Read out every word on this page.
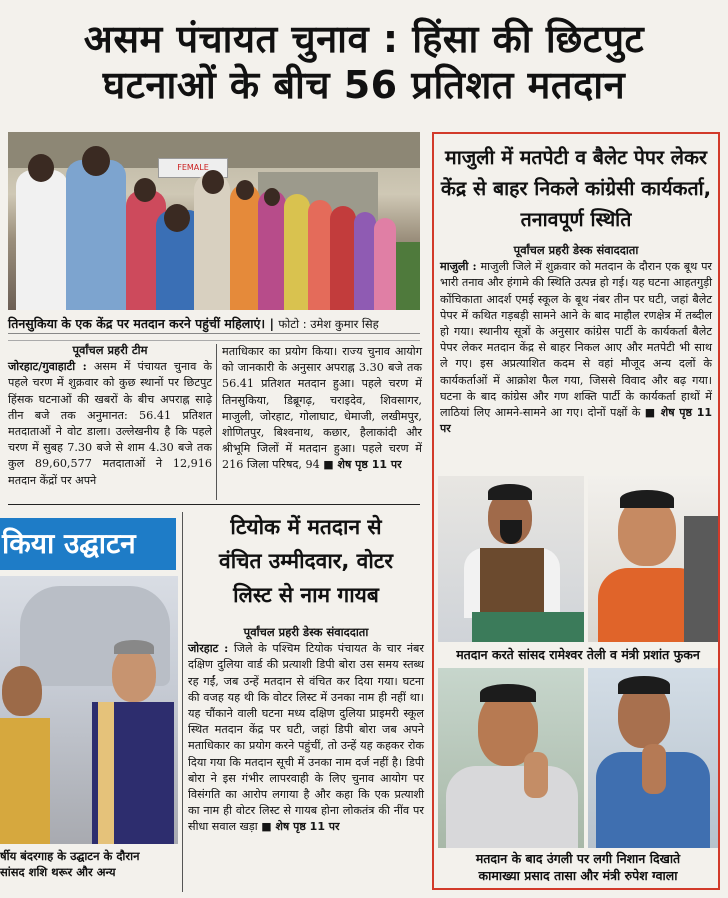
असम पंचायत चुनाव : हिंसा की छिटपुट
घटनाओं के बीच 56 प्रतिशत मतदान
FEMALE
तिनसुकिया के एक केंद्र पर मतदान करने पहुंचीं महिलाएं। | फोटो : उमेश कुमार सिह
पूर्वांचल प्रहरी टीम
जोरहाट/गुवाहाटी : असम में पंचायत चुनाव के पहले चरण में शुक्रवार को कुछ स्थानों पर छिटपुट हिंसक घटनाओं की खबरों के बीच अपराह्न साढ़े तीन बजे तक अनुमानत: 56.41 प्रतिशत मतदाताओं ने वोट डाला। उल्लेखनीय है कि पहले चरण में सुबह 7.30 बजे से शाम 4.30 बजे तक कुल 89,60,577 मतदाताओं ने 12,916 मतदान केंद्रों पर अपने
मताधिकार का प्रयोग किया। राज्य चुनाव आयोग को जानकारी के अनुसार अपराह्न 3.30 बजे तक 56.41 प्रतिशत मतदान हुआ। पहले चरण में तिनसुकिया, डिब्रूगढ़, चराइदेव, शिवसागर, माजुली, जोरहाट, गोलाघाट, धेमाजी, लखीमपुर, शोणितपुर, बिश्वनाथ, कछार, हैलाकांदी और श्रीभूमि जिलों में मतदान हुआ। पहले चरण में 216 जिला परिषद, 94 ■ शेष पृष्ठ 11 पर
माजुली में मतपेटी व बैलेट पेपर लेकर केंद्र से बाहर निकले कांग्रेसी कार्यकर्ता, तनावपूर्ण स्थिति
पूर्वांचल प्रहरी डेस्क संवाददाता
माजुली : माजुली जिले में शुक्रवार को मतदान के दौरान एक बूथ पर भारी तनाव और हंगामे की स्थिति उत्पन्न हो गई। यह घटना आहतगुड़ी कोंचिकाता आदर्श एमई स्कूल के बूथ नंबर तीन पर घटी, जहां बैलेट पेपर में कथित गड़बड़ी सामने आने के बाद माहौल रणक्षेत्र में तब्दील हो गया। स्थानीय सूत्रों के अनुसार कांग्रेस पार्टी के कार्यकर्ता बैलेट पेपर लेकर मतदान केंद्र से बाहर निकल आए और मतपेटी भी साथ ले गए। इस अप्रत्याशित कदम से वहां मौजूद अन्य दलों के कार्यकर्ताओं में आक्रोश फैल गया, जिससे विवाद और बढ़ गया। घटना के बाद कांग्रेस और गण शक्ति पार्टी के कार्यकर्ता हाथों में लाठियां लिए आमने-सामने आ गए। दोनों पक्षों के ■ शेष पृष्ठ 11 पर
मतदान करते सांसद रामेश्वर तेली व मंत्री प्रशांत फुकन
मतदान के बाद उंगली पर लगी निशान दिखाते
कामाख्या प्रसाद तासा और मंत्री रुपेश ग्वाला
किया उद्घाटन
र्षीय बंदरगाह के उद्घाटन के दौरान
सांसद शशि थरूर और अन्य
टियोक में मतदान से
वंचित उम्मीदवार, वोटर
लिस्ट से नाम गायब
पूर्वांचल प्रहरी डेस्क संवाददाता
जोरहाट : जिले के पश्चिम टियोक पंचायत के चार नंबर दक्षिण दुलिया वार्ड की प्रत्याशी डिपी बोरा उस समय स्तब्ध रह गईं, जब उन्हें मतदान से वंचित कर दिया गया। घटना की वजह यह थी कि वोटर लिस्ट में उनका नाम ही नहीं था। यह चौंकाने वाली घटना मध्य दक्षिण दुलिया प्राइमरी स्कूल स्थित मतदान केंद्र पर घटी, जहां डिपी बोरा जब अपने मताधिकार का प्रयोग करने पहुंचीं, तो उन्हें यह कहकर रोक दिया गया कि मतदान सूची में उनका नाम दर्ज नहीं है। डिपी बोरा ने इस गंभीर लापरवाही के लिए चुनाव आयोग पर विसंगति का आरोप लगाया है और कहा कि एक प्रत्याशी का नाम ही वोटर लिस्ट से गायब होना लोकतंत्र की नींव पर सीधा सवाल खड़ा ■ शेष पृष्ठ 11 पर
